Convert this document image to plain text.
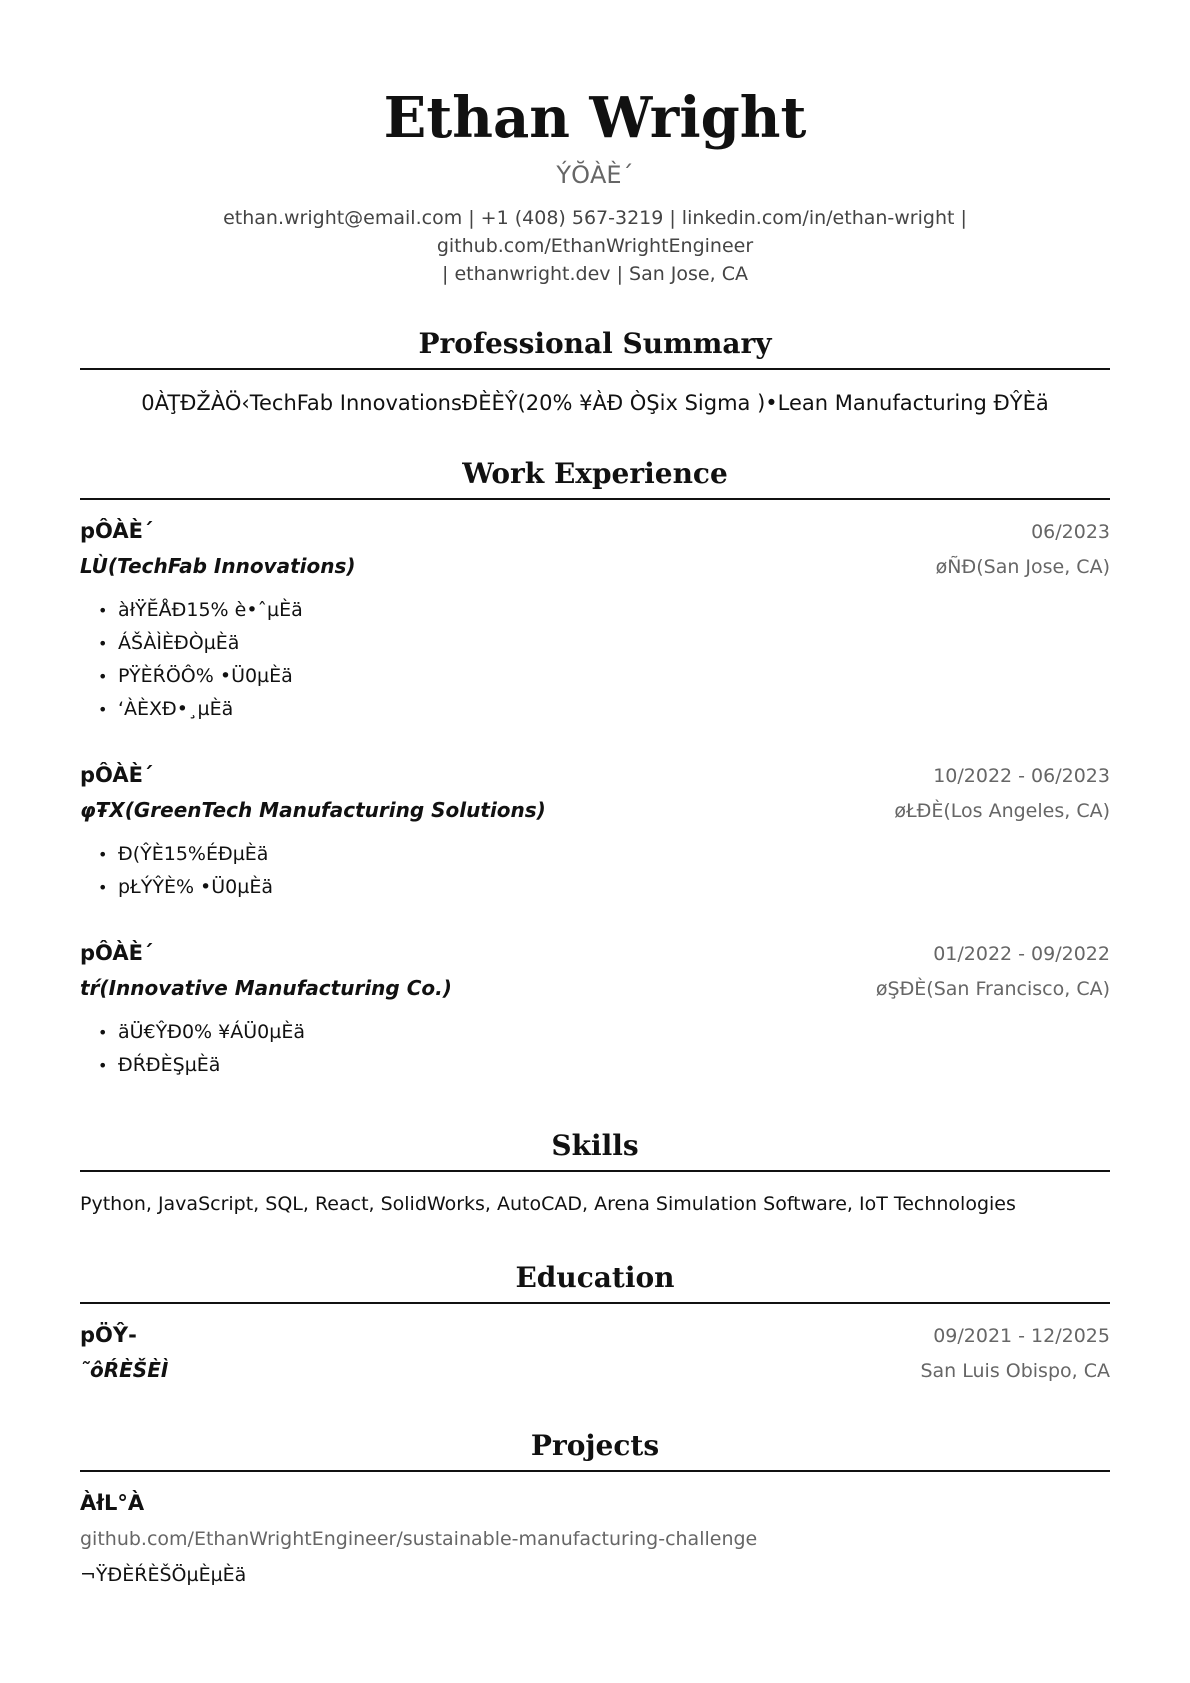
Ethan Wright
ÝŎÀÈ´
ethan.wright@email.com | +1 (408) 567-3219 | linkedin.com/in/ethan-wright | github.com/EthanWrightEngineer
| ethanwright.dev | San Jose, CA
Professional Summary
0ÀŢĐŽÀÖ‹TechFab InnovationsĐÈÈŶ(20% ¥ÀĐ ÒŞix Sigma )•Lean Manufacturing ĐŶÈä
Work Experience
pÔÀÈ´	06/2023
LÙ(TechFab Innovations)	øÑĐ(San Jose, CA)
• àłŸĔÅĐ15% è•ˆµÈä
• ÁŠÀÌÈĐÒµÈä
• PŸÈŔÖÔ% •Ü0µÈä
• ‘ÀÈXĐ•¸µÈä
pÔÀÈ´	10/2022 - 06/2023
φŦX(GreenTech Manufacturing Solutions)	øŁĐÈ(Los Angeles, CA)
• Đ(ŶÈ15%ÉĐµÈä
• pŁÝŶÈ% •Ü0µÈä
pÔÀÈ´	01/2022 - 09/2022
tŕ(Innovative Manufacturing Co.)	øŞĐÈ(San Francisco, CA)
• äÜ€ŶĐ0% ¥ÁÜ0µÈä
• ĐŔĐÈŞµÈä
Skills
Python, JavaScript, SQL, React, SolidWorks, AutoCAD, Arena Simulation Software, IoT Technologies
Education
pÖŶ‑	09/2021 - 12/2025
˜ôŔÈŠÈÌ	San Luis Obispo, CA
Projects
ÀłL°À
github.com/EthanWrightEngineer/sustainable-manufacturing-challenge
¬ŸĐÈŔÈŠÖµÈµÈä
